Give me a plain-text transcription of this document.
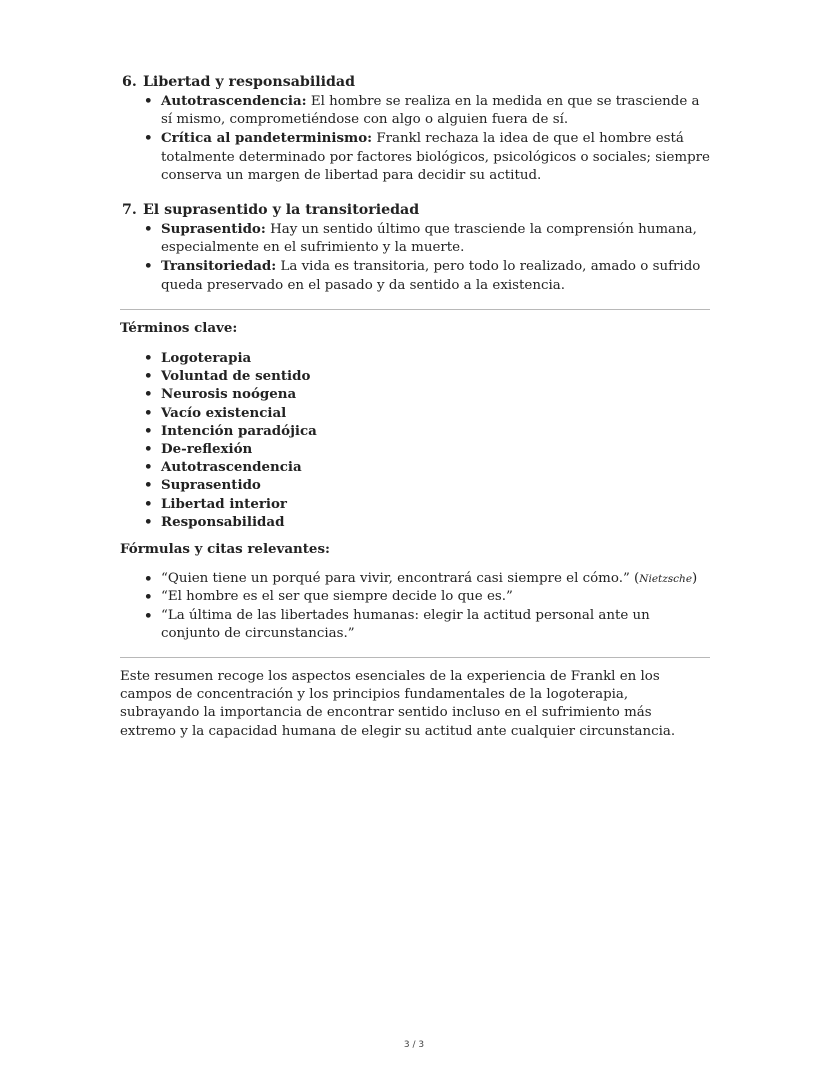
6. Libertad y responsabilidad
• Autotrascendencia: El hombre se realiza en la medida en que se trasciende a sí mismo, comprometiéndose con algo o alguien fuera de sí.
• Crítica al pandeterminismo: Frankl rechaza la idea de que el hombre está totalmente determinado por factores biológicos, psicológicos o sociales; siempre conserva un margen de libertad para decidir su actitud.
7. El suprasentido y la transitoriedad
• Suprasentido: Hay un sentido último que trasciende la comprensión humana, especialmente en el sufrimiento y la muerte.
• Transitoriedad: La vida es transitoria, pero todo lo realizado, amado o sufrido queda preservado en el pasado y da sentido a la existencia.
Términos clave:
• Logoterapia
• Voluntad de sentido
• Neurosis noógena
• Vacío existencial
• Intención paradójica
• De-reflexión
• Autotrascendencia
• Suprasentido
• Libertad interior
• Responsabilidad
Fórmulas y citas relevantes:
• “Quien tiene un porqué para vivir, encontrará casi siempre el cómo.” (Nietzsche)
• “El hombre es el ser que siempre decide lo que es.”
• “La última de las libertades humanas: elegir la actitud personal ante un conjunto de circunstancias.”

Este resumen recoge los aspectos esenciales de la experiencia de Frankl en los campos de concentración y los principios fundamentales de la logoterapia, subrayando la importancia de encontrar sentido incluso en el sufrimiento más extremo y la capacidad humana de elegir su actitud ante cualquier circunstancia.

3 / 3
